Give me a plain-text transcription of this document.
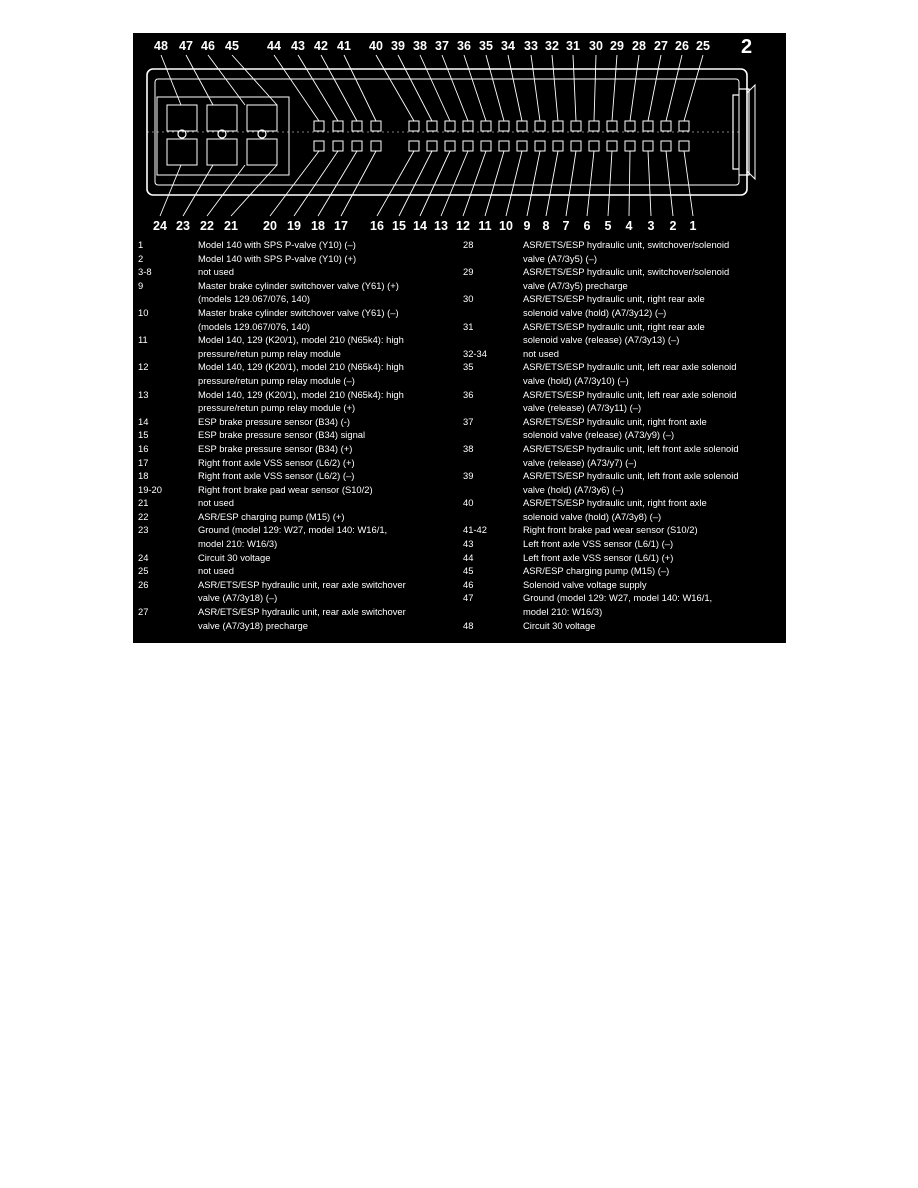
48 47 46 45 44 43 42 41 40 39 38 37 36 35 34 33 32 31 30 29 28 27 26 25
24 23 22 21 20 19 18 17 16 15 14 13 12 11 10 9 8 7 6 5 4 3 2 1
2
1	Model 140 with SPS P-valve (Y10) (–)
2	Model 140 with SPS P-valve (Y10) (+)
3-8	not used
9	Master brake cylinder switchover valve (Y61) (+)
(models 129.067/076, 140)
10	Master brake cylinder switchover valve (Y61) (–)
(models 129.067/076, 140)
11	Model 140, 129 (K20/1), model 210 (N65k4): high
pressure/retun pump relay module
12	Model 140, 129 (K20/1), model 210 (N65k4): high
pressure/retun pump relay module (–)
13	Model 140, 129 (K20/1), model 210 (N65k4): high
pressure/retun pump relay module (+)
14	ESP brake pressure sensor (B34) (-)
15	ESP brake pressure sensor (B34) signal
16	ESP brake pressure sensor (B34) (+)
17	Right front axle VSS sensor (L6/2) (+)
18	Right front axle VSS sensor (L6/2) (–)
19-20	Right front brake pad wear sensor (S10/2)
21	not used
22	ASR/ESP charging pump (M15) (+)
23	Ground (model 129: W27, model 140: W16/1,
model 210: W16/3)
24	Circuit 30 voltage
25	not used
26	ASR/ETS/ESP hydraulic unit, rear axle switchover
valve (A7/3y18) (–)
27	ASR/ETS/ESP hydraulic unit, rear axle switchover
valve (A7/3y18) precharge
28	ASR/ETS/ESP hydraulic unit, switchover/solenoid
valve (A7/3y5) (–)
29	ASR/ETS/ESP hydraulic unit, switchover/solenoid
valve (A7/3y5) precharge
30	ASR/ETS/ESP hydraulic unit, right rear axle
solenoid valve (hold) (A7/3y12) (–)
31	ASR/ETS/ESP hydraulic unit, right rear axle
solenoid valve (release) (A7/3y13) (–)
32-34	not used
35	ASR/ETS/ESP hydraulic unit, left rear axle solenoid
valve (hold) (A7/3y10) (–)
36	ASR/ETS/ESP hydraulic unit, left rear axle solenoid
valve (release) (A7/3y11) (–)
37	ASR/ETS/ESP hydraulic unit, right front axle
solenoid valve (release) (A73/y9) (–)
38	ASR/ETS/ESP hydraulic unit, left front axle solenoid
valve (release) (A73/y7) (–)
39	ASR/ETS/ESP hydraulic unit, left front axle solenoid
valve (hold) (A7/3y6) (–)
40	ASR/ETS/ESP hydraulic unit, right front axle
solenoid valve (hold) (A7/3y8) (–)
41-42	Right front brake pad wear sensor (S10/2)
43	Left front axle VSS sensor (L6/1) (–)
44	Left front axle VSS sensor (L6/1) (+)
45	ASR/ESP charging pump (M15) (–)
46	Solenoid valve voltage supply
47	Ground (model 129: W27, model 140: W16/1,
model 210: W16/3)
48	Circuit 30 voltage
